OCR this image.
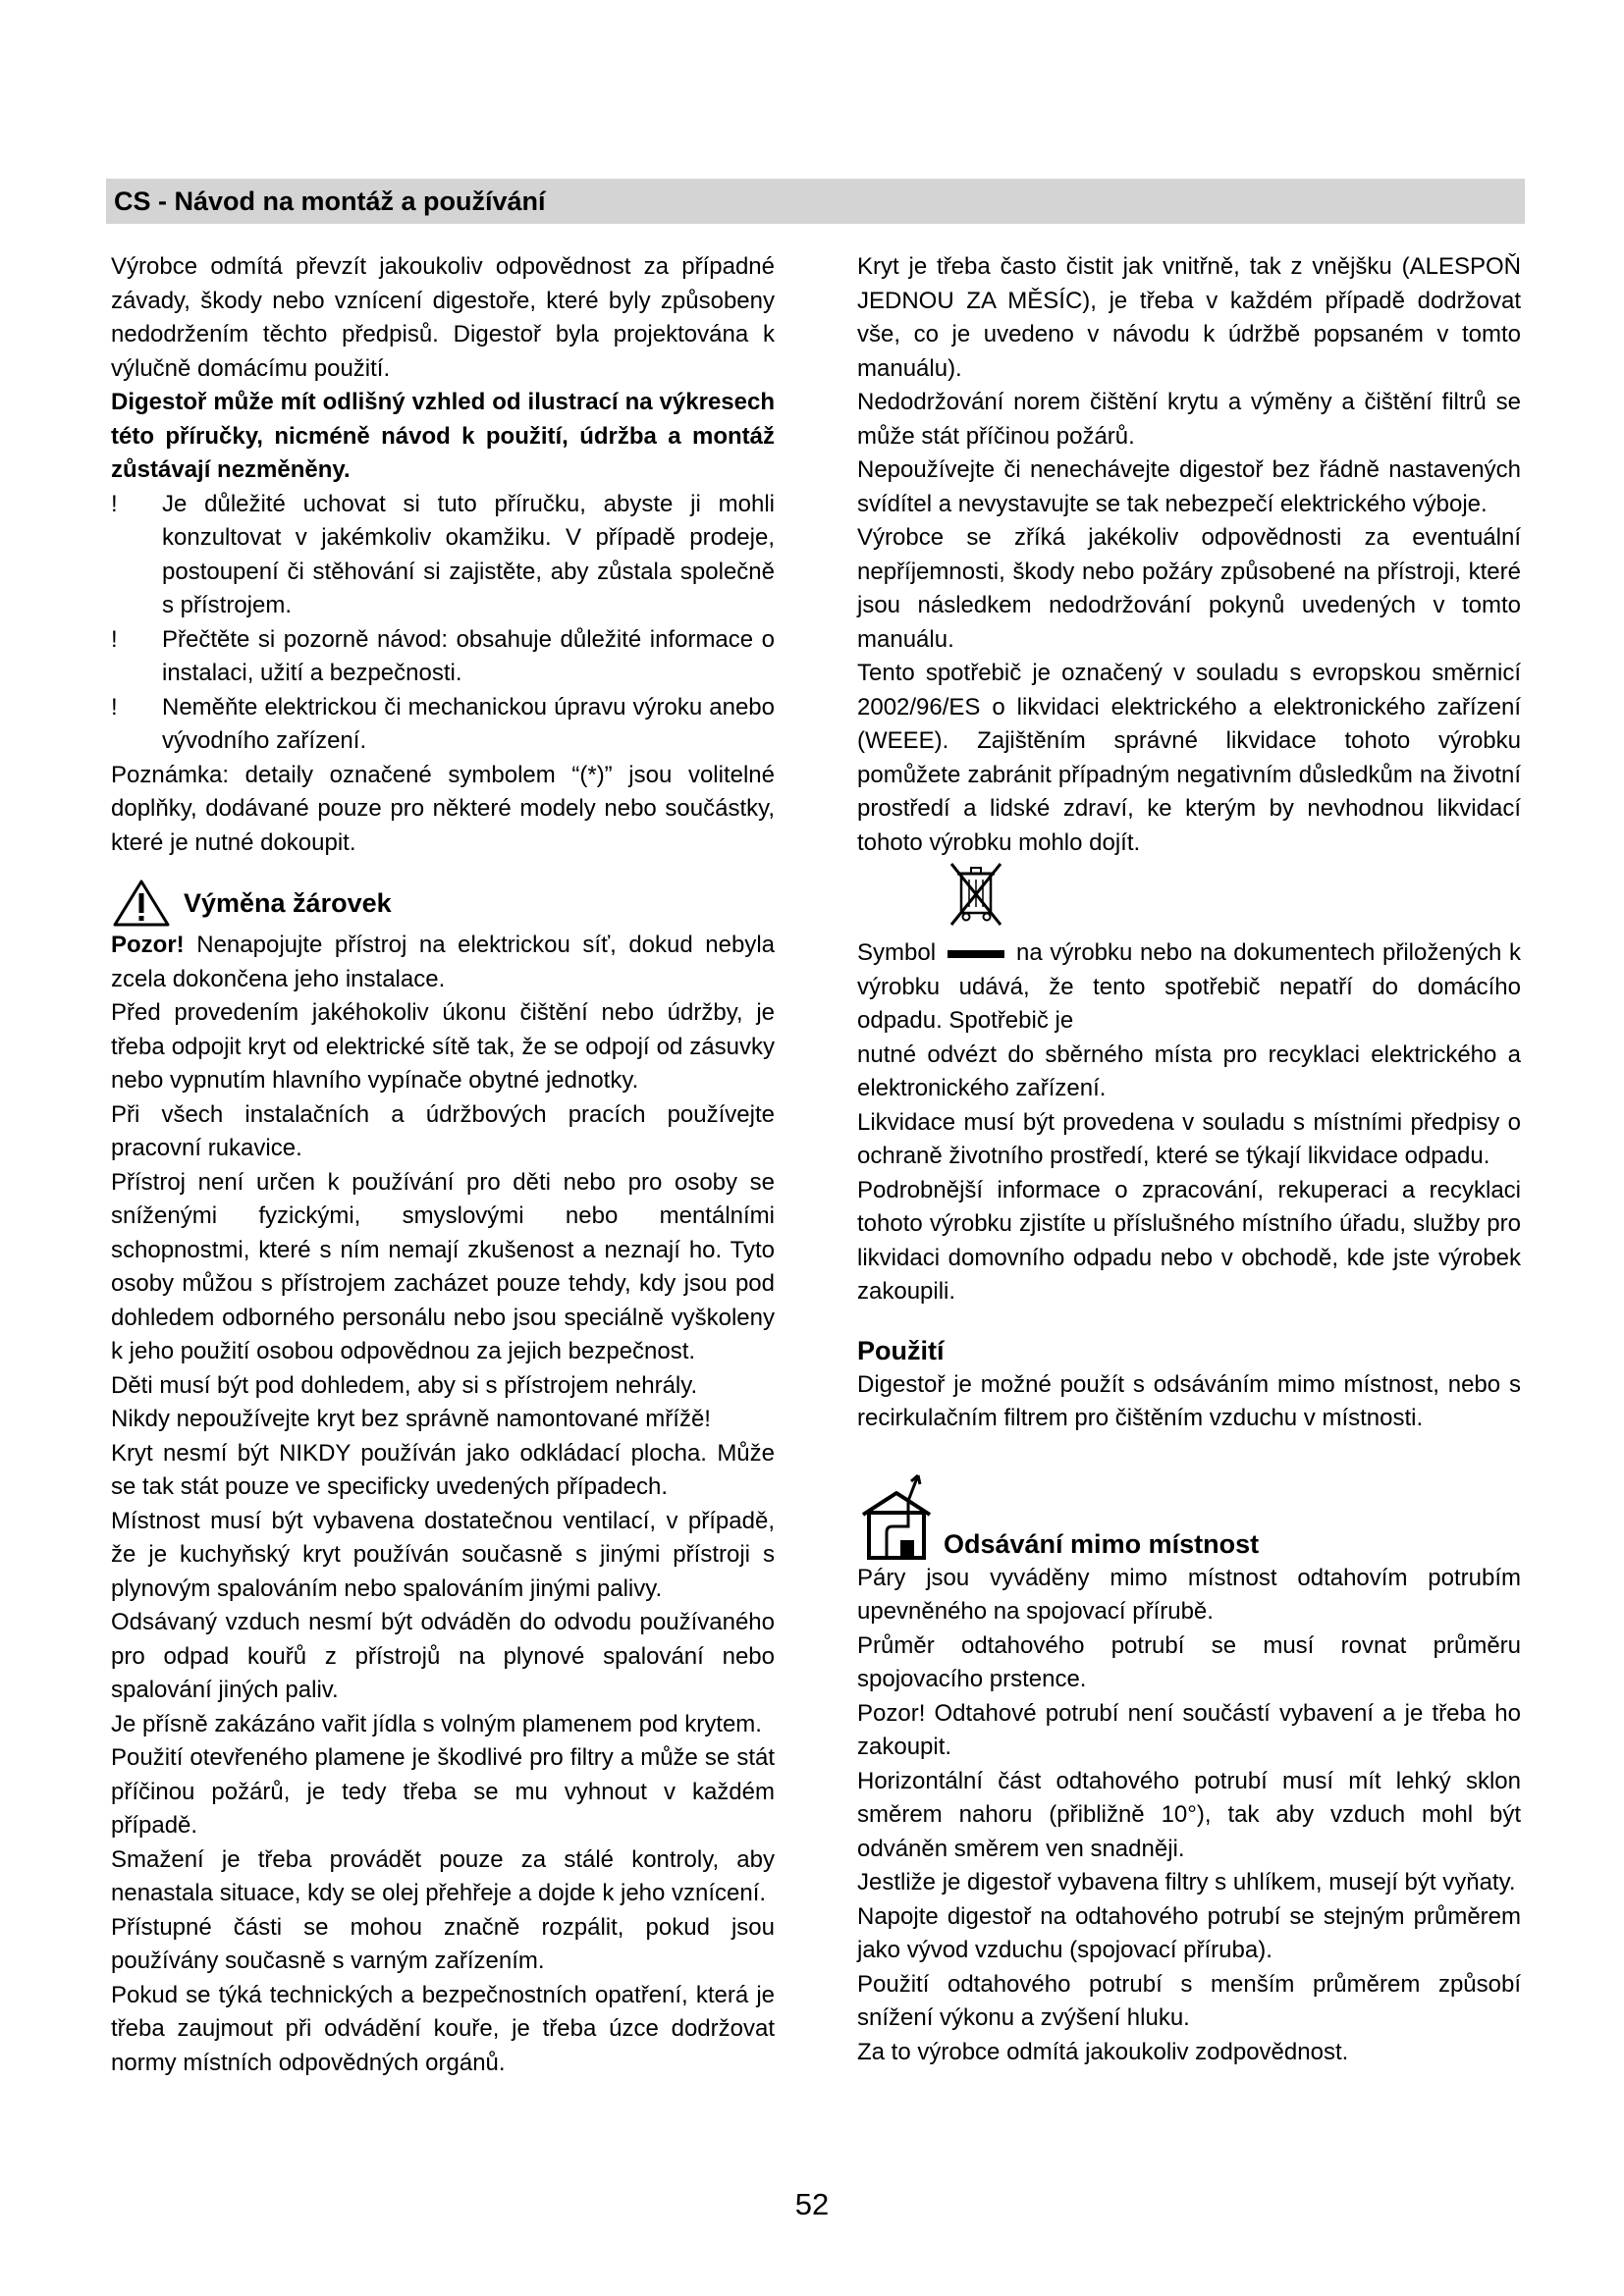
CS - Návod na montáž a používání

Výrobce odmítá převzít jakoukoliv odpovědnost za případné závady, škody nebo vznícení digestoře, které byly způsobeny nedodržením těchto předpisů. Digestoř byla projektována k výlučně domácímu použití.

Digestoř může mít odlišný vzhled od ilustrací na výkresech této příručky, nicméně návod k použití, údržba a montáž zůstávají nezměněny.

!	Je důležité uchovat si tuto příručku, abyste ji mohli konzultovat v jakémkoliv okamžiku. V případě prodeje, postoupení či stěhování si zajistěte, aby zůstala společně s přístrojem.
!	Přečtěte si pozorně návod: obsahuje důležité informace o instalaci, užití a bezpečnosti.
!	Neměňte elektrickou či mechanickou úpravu výroku anebo vývodního zařízení.

Poznámka: detaily označené symbolem “(*)” jsou volitelné doplňky, dodávané pouze pro některé modely nebo součástky, které je nutné dokoupit.

Výměna žárovek

Pozor! Nenapojujte přístroj na elektrickou síť, dokud nebyla zcela dokončena jeho instalace.

Před provedením jakéhokoliv úkonu čištění nebo údržby, je třeba odpojit kryt od elektrické sítě tak, že se odpojí od zásuvky nebo vypnutím hlavního vypínače obytné jednotky.

Při všech instalačních a údržbových pracích používejte pracovní rukavice.

Přístroj není určen k používání pro děti nebo pro osoby se sníženými fyzickými, smyslovými nebo mentálními schopnostmi, které s ním nemají zkušenost a neznají ho. Tyto osoby můžou s přístrojem zacházet pouze tehdy, kdy jsou pod dohledem odborného personálu nebo jsou speciálně vyškoleny k jeho použití osobou odpovědnou za jejich bezpečnost.

Děti musí být pod dohledem, aby si s přístrojem nehrály.

Nikdy nepoužívejte kryt bez správně namontované mřížě!

Kryt nesmí být NIKDY používán jako odkládací plocha. Může se tak stát pouze ve specificky uvedených případech.

Místnost musí být vybavena dostatečnou ventilací, v případě, že je kuchyňský kryt používán současně s jinými přístroji s plynovým spalováním nebo spalováním jinými palivy.

Odsávaný vzduch nesmí být odváděn do odvodu používaného pro odpad kouřů z přístrojů na plynové spalování nebo spalování jiných paliv.

Je přísně zakázáno vařit jídla s volným plamenem pod krytem.

Použití otevřeného plamene je škodlivé pro filtry a může se stát příčinou požárů, je tedy třeba se mu vyhnout v každém případě.

Smažení je třeba provádět pouze za stálé kontroly, aby nenastala situace, kdy se olej přehřeje a dojde k jeho vznícení.

Přístupné části se mohou značně rozpálit, pokud jsou používány současně s varným zařízením.

Pokud se týká technických a bezpečnostních opatření, která je třeba zaujmout při odvádění kouře, je třeba úzce dodržovat normy místních odpovědných orgánů.

Kryt je třeba často čistit jak vnitřně, tak z vnějšku (ALESPOŇ JEDNOU ZA MĚSÍC), je třeba v každém případě dodržovat vše, co je uvedeno v návodu k údržbě popsaném v tomto manuálu).

Nedodržování norem čištění krytu a výměny a čištění filtrů se může stát příčinou požárů.

Nepoužívejte či nenechávejte digestoř bez řádně nastavených svídítel a nevystavujte se tak nebezpečí elektrického výboje.

Výrobce se zříká jakékoliv odpovědnosti za eventuální nepříjemnosti, škody nebo požáry způsobené na přístroji, které jsou následkem nedodržování pokynů uvedených v tomto manuálu.

Tento spotřebič je označený v souladu s evropskou směrnicí 2002/96/ES o likvidaci elektrického a elektronického zařízení (WEEE). Zajištěním správné likvidace tohoto výrobku pomůžete zabránit případným negativním důsledkům na životní prostředí a lidské zdraví, ke kterým by nevhodnou likvidací tohoto výrobku mohlo dojít.

Symbol	na výrobku nebo na dokumentech přiložených k výrobku udává, že tento spotřebič nepatří do domácího odpadu. Spotřebič je

nutné odvézt do sběrného místa pro recyklaci elektrického a elektronického zařízení.

Likvidace musí být provedena v souladu s místními předpisy o ochraně životního prostředí, které se týkají likvidace odpadu.

Podrobnější informace o zpracování, rekuperaci a recyklaci tohoto výrobku zjistíte u příslušného místního úřadu, služby pro likvidaci domovního odpadu nebo v obchodě, kde jste výrobek zakoupili.

Použití

Digestoř je možné použít s odsáváním mimo místnost, nebo s recirkulačním filtrem pro čištěním vzduchu v místnosti.

Odsávání mimo místnost

Páry jsou vyváděny mimo místnost odtahovím potrubím upevněného na spojovací přírubě.

Průměr odtahového potrubí se musí rovnat průměru spojovacího prstence.

Pozor! Odtahové potrubí není součástí vybavení a je třeba ho zakoupit.

Horizontální část odtahového potrubí musí mít lehký sklon směrem nahoru (přibližně 10°), tak aby vzduch mohl být odváněn směrem ven snadněji.

Jestliže je digestoř vybavena filtry s uhlíkem, musejí být vyňaty.

Napojte digestoř na odtahového potrubí se stejným průměrem jako vývod vzduchu (spojovací příruba).

Použití odtahového potrubí s menším průměrem způsobí snížení výkonu a zvýšení hluku.

Za to výrobce odmítá jakoukoliv zodpovědnost.

52
